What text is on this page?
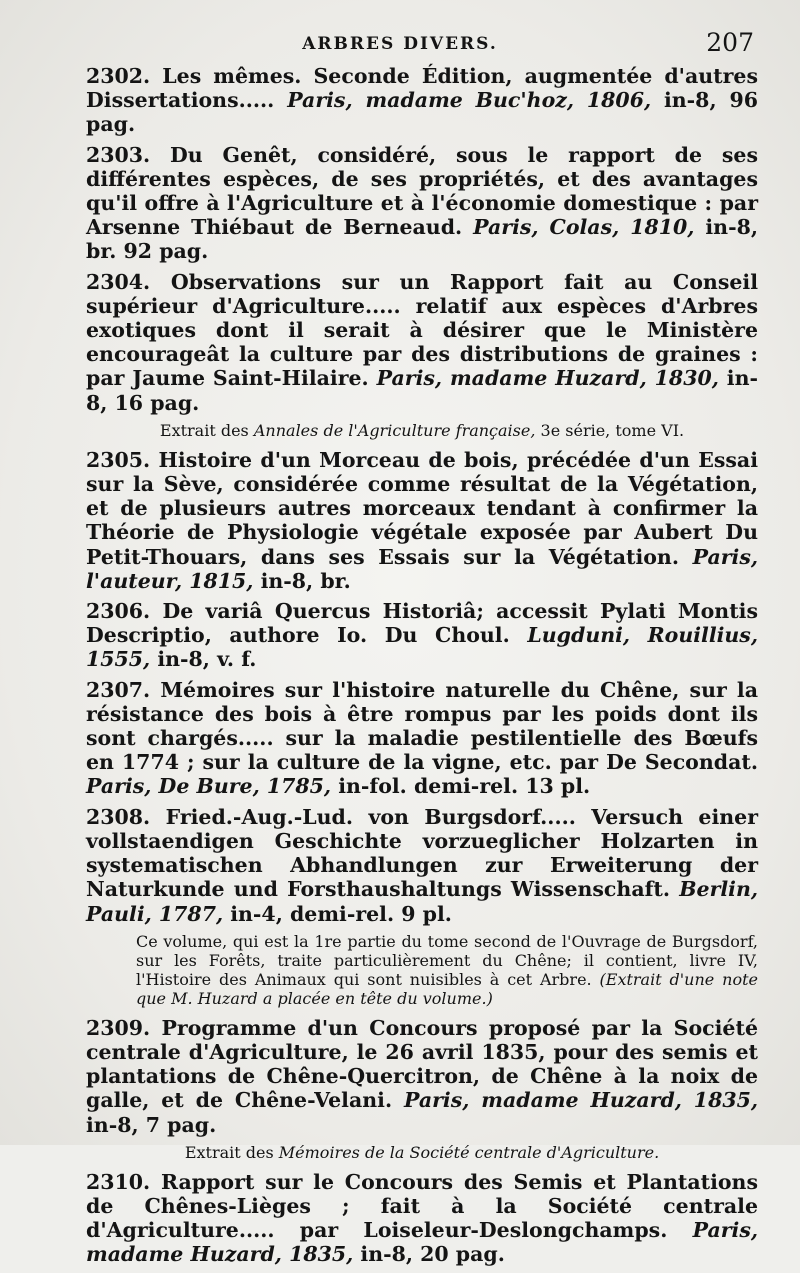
ARBRES DIVERS.	207

2302. Les mêmes. Seconde Édition, augmentée d'autres Dissertations..... Paris, madame Buc'hoz, 1806, in-8, 96 pag.

2303. Du Genêt, considéré, sous le rapport de ses différentes espèces, de ses propriétés, et des avantages qu'il offre à l'Agriculture et à l'économie domestique : par Arsenne Thiébaut de Berneaud. Paris, Colas, 1810, in-8, br. 92 pag.

2304. Observations sur un Rapport fait au Conseil supérieur d'Agriculture..... relatif aux espèces d'Arbres exotiques dont il serait à désirer que le Ministère encourageât la culture par des distributions de graines : par Jaume Saint-Hilaire. Paris, madame Huzard, 1830, in-8, 16 pag.

Extrait des Annales de l'Agriculture française, 3e série, tome VI.

2305. Histoire d'un Morceau de bois, précédée d'un Essai sur la Sève, considérée comme résultat de la Végétation, et de plusieurs autres morceaux tendant à confirmer la Théorie de Physiologie végétale exposée par Aubert Du Petit-Thouars, dans ses Essais sur la Végétation. Paris, l'auteur, 1815, in-8, br.

2306. De variâ Quercus Historiâ; accessit Pylati Montis Descriptio, authore Io. Du Choul. Lugduni, Rouillius, 1555, in-8, v. f.

2307. Mémoires sur l'histoire naturelle du Chêne, sur la résistance des bois à être rompus par les poids dont ils sont chargés..... sur la maladie pestilentielle des Bœufs en 1774 ; sur la culture de la vigne, etc. par De Secondat. Paris, De Bure, 1785, in-fol. demi-rel. 13 pl.

2308. Fried.-Aug.-Lud. von Burgsdorf..... Versuch einer vollstaendigen Geschichte vorzueglicher Holzarten in systematischen Abhandlungen zur Erweiterung der Naturkunde und Forsthaushaltungs Wissenschaft. Berlin, Pauli, 1787, in-4, demi-rel. 9 pl.

Ce volume, qui est la 1re partie du tome second de l'Ouvrage de Burgsdorf, sur les Forêts, traite particulièrement du Chêne; il contient, livre IV, l'Histoire des Animaux qui sont nuisibles à cet Arbre. (Extrait d'une note que M. Huzard a placée en tête du volume.)

2309. Programme d'un Concours proposé par la Société centrale d'Agriculture, le 26 avril 1835, pour des semis et plantations de Chêne-Quercitron, de Chêne à la noix de galle, et de Chêne-Velani. Paris, madame Huzard, 1835, in-8, 7 pag.

Extrait des Mémoires de la Société centrale d'Agriculture.

2310. Rapport sur le Concours des Semis et Plantations de Chênes-Lièges ; fait à la Société centrale d'Agriculture..... par Loiseleur-Deslongchamps. Paris, madame Huzard, 1835, in-8, 20 pag.
